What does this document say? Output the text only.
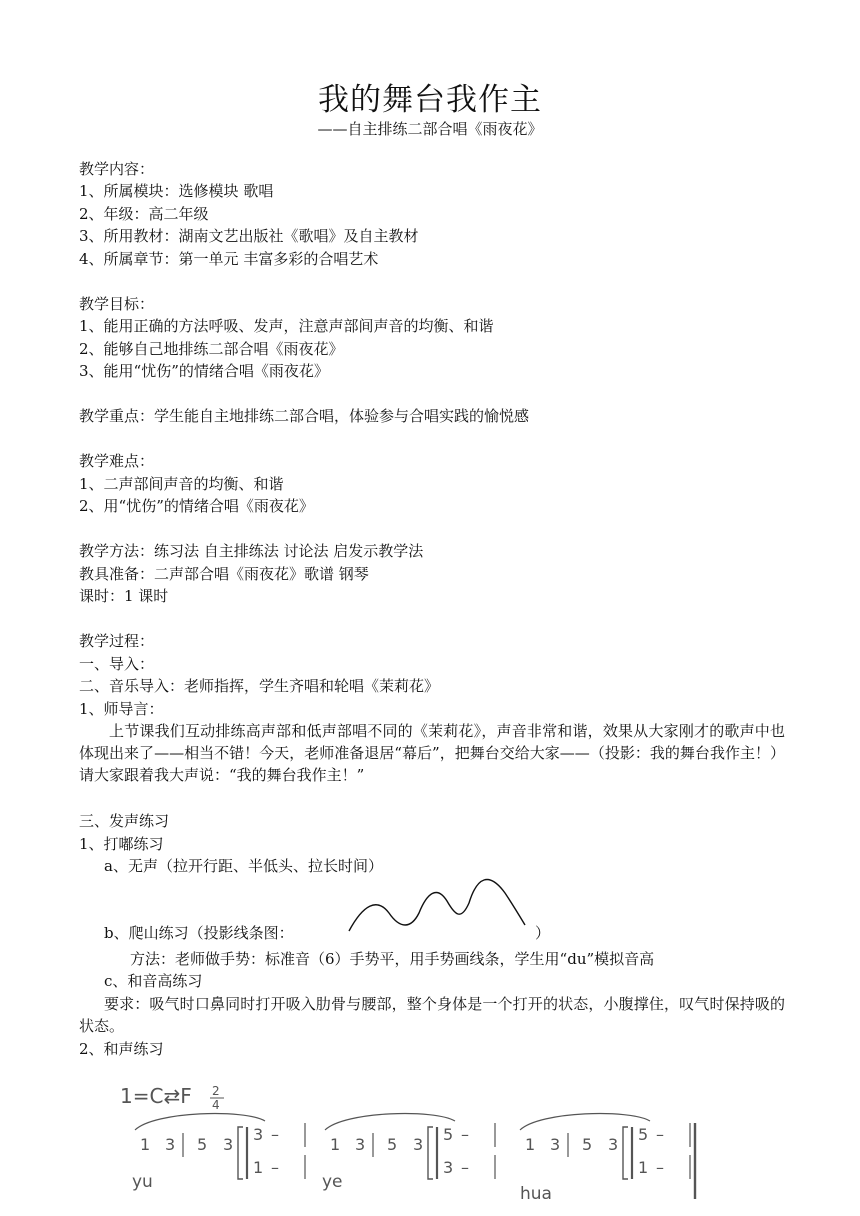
我的舞台我作主
——自主排练二部合唱《雨夜花》
教学内容：
1、所属模块：选修模块 歌唱
2、年级：高二年级
3、所用教材：湖南文艺出版社《歌唱》及自主教材
4、所属章节：第一单元 丰富多彩的合唱艺术
教学目标：
1、能用正确的方法呼吸、发声，注意声部间声音的均衡、和谐
2、能够自己地排练二部合唱《雨夜花》
3、能用“忧伤”的情绪合唱《雨夜花》
教学重点：学生能自主地排练二部合唱，体验参与合唱实践的愉悦感
教学难点：
1、二声部间声音的均衡、和谐
2、用“忧伤”的情绪合唱《雨夜花》
教学方法：练习法 自主排练法 讨论法 启发示教学法
教具准备：二声部合唱《雨夜花》歌谱 钢琴
课时：1 课时
教学过程：
一、导入：
二、音乐导入：老师指挥，学生齐唱和轮唱《茉莉花》
1、师导言：
上节课我们互动排练高声部和低声部唱不同的《茉莉花》，声音非常和谐，效果从大家刚才的歌声中也体现出来了——相当不错！今天，老师准备退居“幕后”，把舞台交给大家——（投影：我的舞台我作主！）请大家跟着我大声说：“我的舞台我作主！”
三、发声练习
1、打嘟练习
a、无声（拉开行距、半低头、拉长时间）
b、爬山练习（投影线条图：	）
方法：老师做手势：标准音（6）手势平，用手势画线条，学生用“du”模拟音高
c、和音高练习
要求：吸气时口鼻同时打开吸入肋骨与腰部，整个身体是一个打开的状态，小腹撑住，叹气时保持吸的状态。
2、和声练习
1=C⇄F 2
4
1 3 5 3
3 –
1 –
yu
1 3 5 3
5 –
3 –
ye
1 3 5 3
5 –
1 –
hua
